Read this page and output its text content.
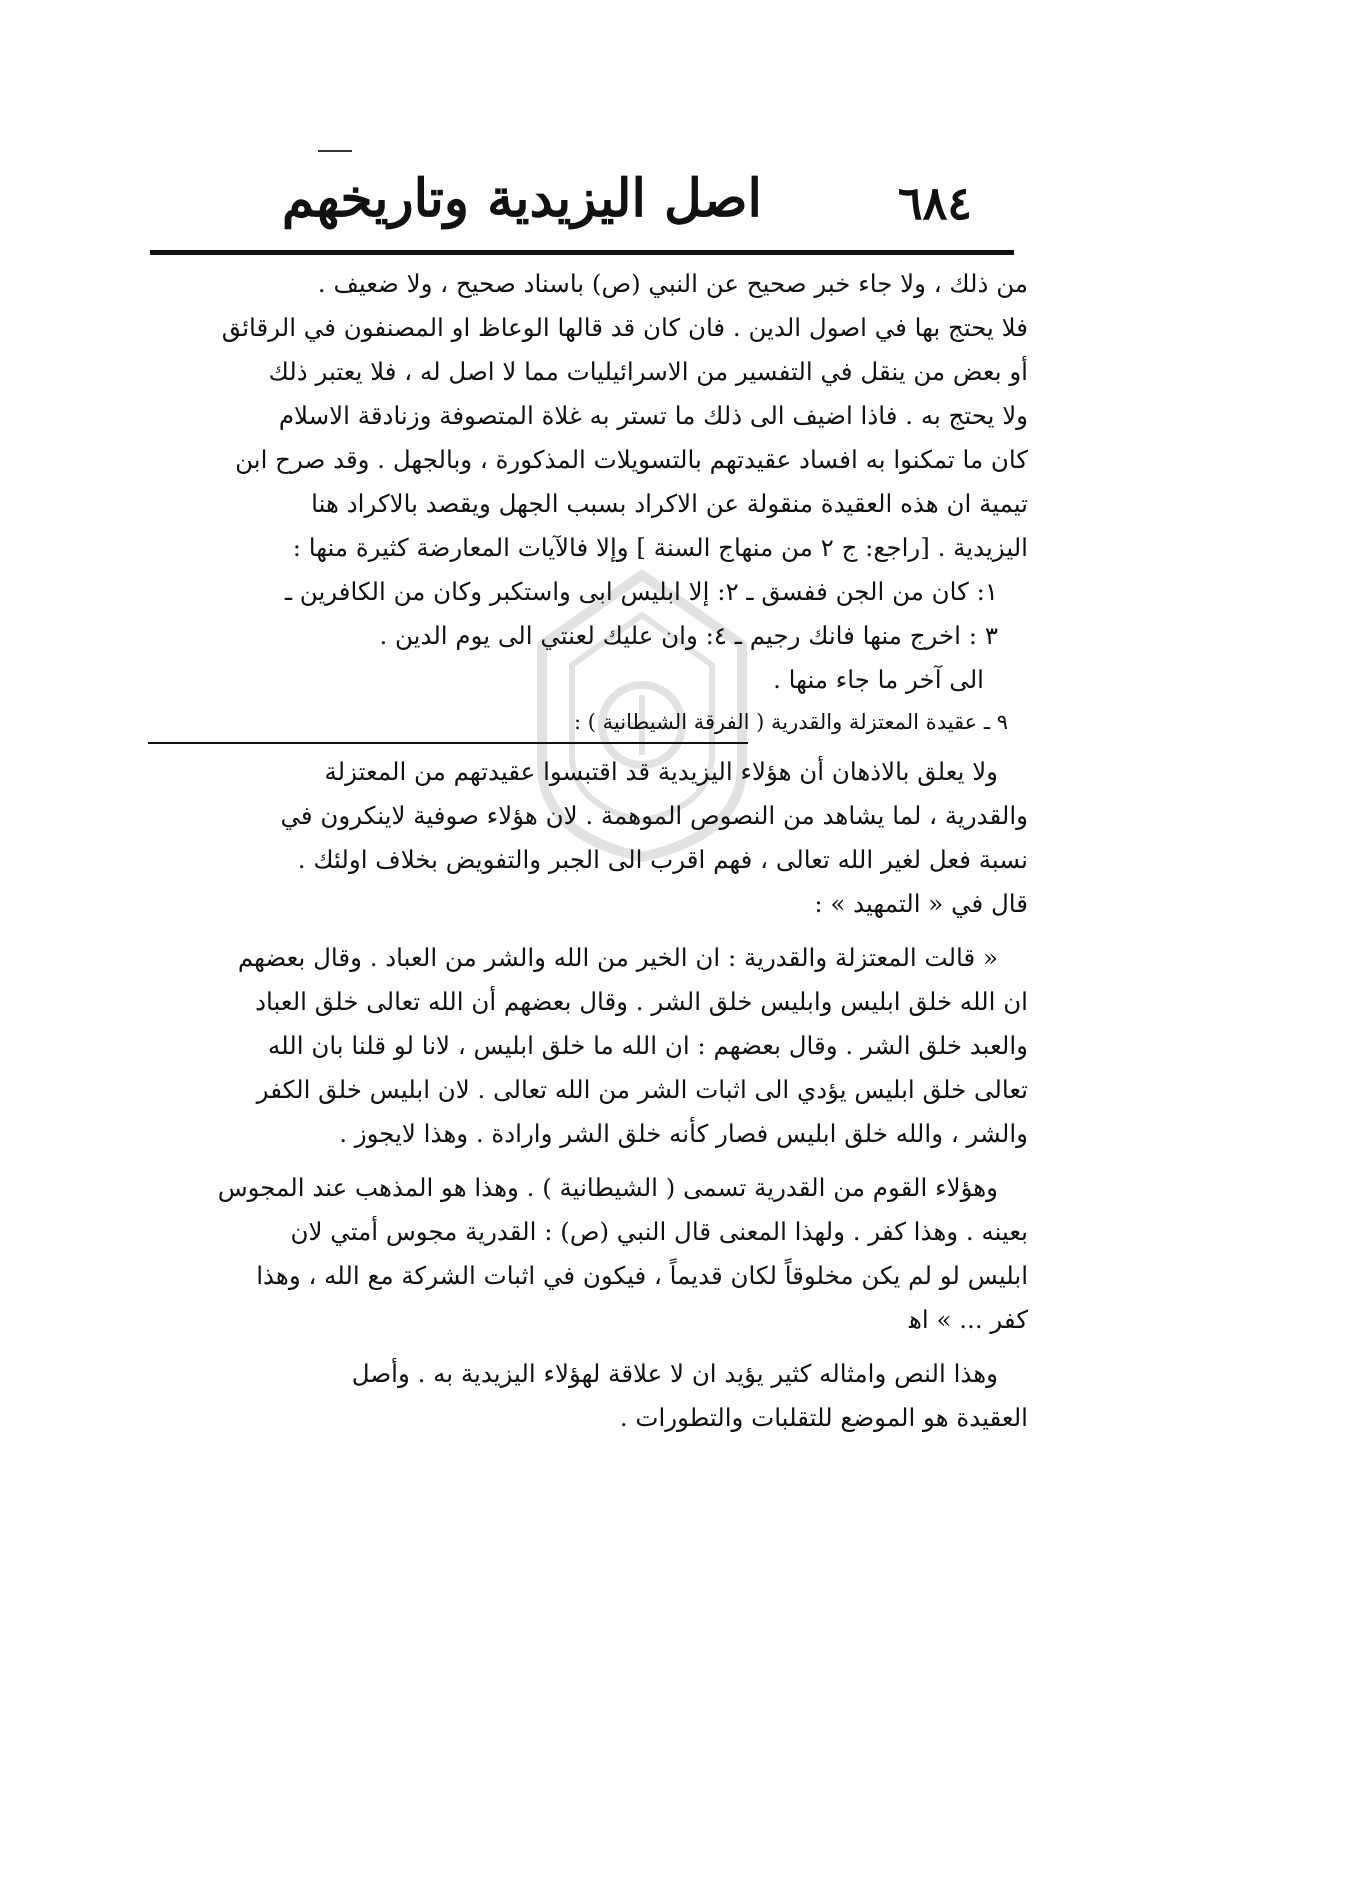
٦٨٤
اصل اليزيدية وتاريخهم

من ذلك ، ولا جاء خبر صحيح عن النبي (ص) باسناد صحيح ، ولا ضعيف .

فلا يحتج بها في اصول الدين . فان كان قد قالها الوعاظ او المصنفون في الرقائق

أو بعض من ينقل في التفسير من الاسرائيليات مما لا اصل له ، فلا يعتبر ذلك

ولا يحتج به . فاذا اضيف الى ذلك ما تستر به غلاة المتصوفة وزنادقة الاسلام

كان ما تمكنوا به افساد عقيدتهم بالتسويلات المذكورة ، وبالجهل . وقد صرح ابن

تيمية ان هذه العقيدة منقولة عن الاكراد بسبب الجهل ويقصد بالاكراد هنا

اليزيدية . [راجع: ج ٢ من منهاج السنة ] وإلا فالآيات المعارضة كثيرة منها :

١: كان من الجن ففسق ـ ٢: إلا ابليس ابى واستكبر وكان من الكافرين ـ

٣ : اخرج منها فانك رجيم ـ ٤: وان عليك لعنتي الى يوم الدين .

الى آخر ما جاء منها .

٩ ـ عقيدة المعتزلة والقدرية ( الفرقة الشيطانية ) :

ولا يعلق بالاذهان أن هؤلاء اليزيدية قد اقتبسوا عقيدتهم من المعتزلة

والقدرية ، لما يشاهد من النصوص الموهمة . لان هؤلاء صوفية لاينكرون في

نسبة فعل لغير الله تعالى ، فهم اقرب الى الجبر والتفويض بخلاف اولئك .

قال في « التمهيد » :

« قالت المعتزلة والقدرية : ان الخير من الله والشر من العباد . وقال بعضهم

ان الله خلق ابليس وابليس خلق الشر . وقال بعضهم أن الله تعالى خلق العباد

والعبد خلق الشر . وقال بعضهم : ان الله ما خلق ابليس ، لانا لو قلنا بان الله

تعالى خلق ابليس يؤدي الى اثبات الشر من الله تعالى . لان ابليس خلق الكفر

والشر ، والله خلق ابليس فصار كأنه خلق الشر وارادة . وهذا لايجوز .

وهؤلاء القوم من القدرية تسمى ( الشيطانية ) . وهذا هو المذهب عند المجوس

بعينه . وهذا كفر . ولهذا المعنى قال النبي (ص) : القدرية مجوس أمتي لان

ابليس لو لم يكن مخلوقاً لكان قديماً ، فيكون في اثبات الشركة مع الله ، وهذا

كفر ... » اﻫ

وهذا النص وامثاله كثير يؤيد ان لا علاقة لهؤلاء اليزيدية به . وأصل

العقيدة هو الموضع للتقلبات والتطورات .
